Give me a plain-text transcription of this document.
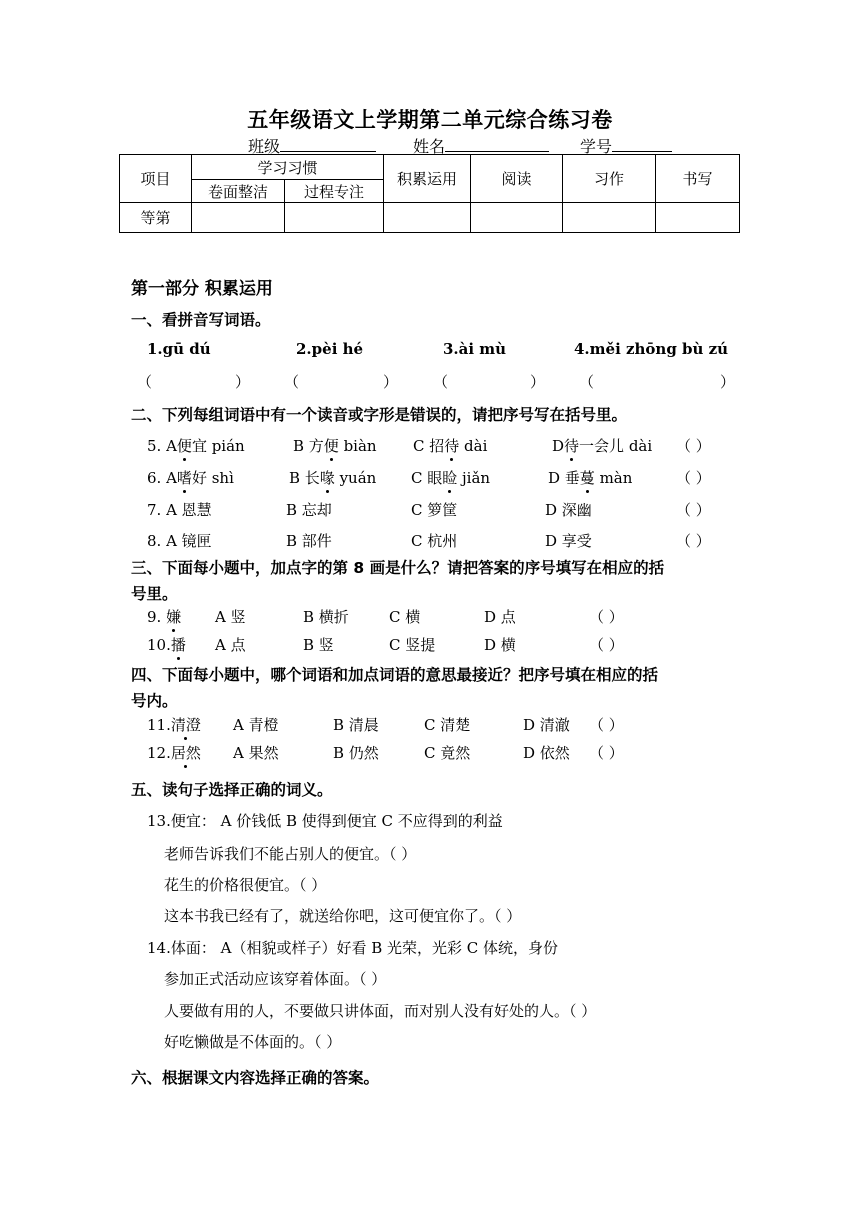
五年级语文上学期第二单元综合练习卷
班级	姓名	学号
项目	学习习惯		积累运用	阅读	习作	书写
	卷面整洁	过程专注				
等第						
第一部分 积累运用
一、看拼音写词语。
1.gū dú	2.pèi hé	3.ài mù	4.měi zhōng bù zú
（	） （	） （	） （	）
二、下列每组词语中有一个读音或字形是错误的，请把序号写在括号里。
5. A便宜 pián	B 方便 biàn C 招待 dài	D待一会儿 dài （ ）
6. A嗜好 shì	B 长喙 yuán C 眼睑 jiǎn	D 垂蔓 màn	（ ）
7. A 恩慧	B 忘却	C 箩筐	D 深幽	（ ）
8. A 镜匣	B 部件	C 杭州	D 享受	（ ）
三、下面每小题中，加点字的第 8 画是什么？请把答案的序号填写在相应的括
号里。
9. 嫌 A 竖	B 横折	C 横	D 点	（ ）
10.播 A 点	B 竖	C 竖提	D 横	（ ）
四、下面每小题中，哪个词语和加点词语的意思最接近？把序号填在相应的括
号内。
11.清澄 A 青橙	B 清晨	C 清楚	D 清澈 （ ）
12.居然 A 果然	B 仍然	C 竟然	D 依然 （ ）
五、读句子选择正确的词义。
13.便宜： A 价钱低 B 使得到便宜 C 不应得到的利益
老师告诉我们不能占别人的便宜。（ ）
花生的价格很便宜。（ ）
这本书我已经有了，就送给你吧，这可便宜你了。（ ）
14.体面： A（相貌或样子）好看 B 光荣，光彩 C 体统，身份
参加正式活动应该穿着体面。（ ）
人要做有用的人，不要做只讲体面，而对别人没有好处的人。（ ）
好吃懒做是不体面的。（ ）
六、根据课文内容选择正确的答案。
